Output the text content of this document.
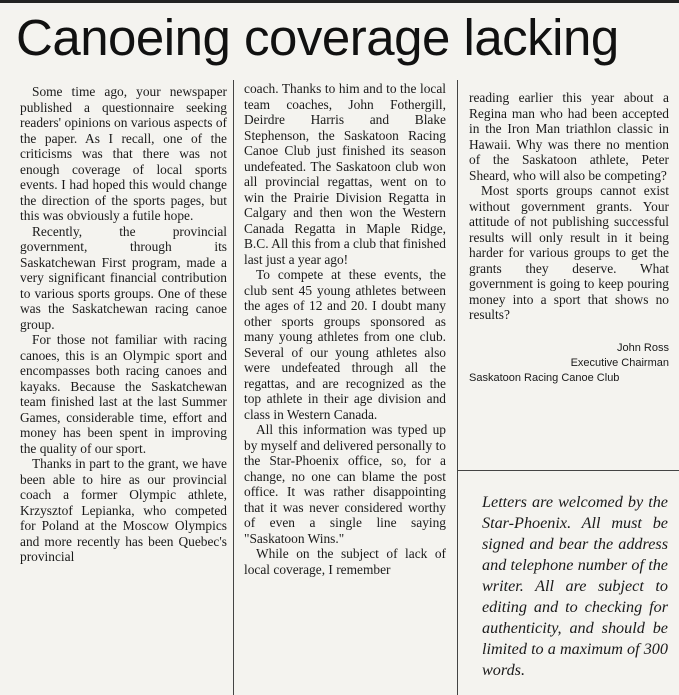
Canoeing coverage lacking

Some time ago, your newspaper published a questionnaire seeking readers' opinions on various aspects of the paper. As I recall, one of the criticisms was that there was not enough coverage of local sports events. I had hoped this would change the direction of the sports pages, but this was obviously a futile hope.

Recently, the provincial government, through its Saskatchewan First program, made a very significant financial contribution to various sports groups. One of these was the Saskatchewan racing canoe group.

For those not familiar with racing canoes, this is an Olympic sport and encompasses both racing canoes and kayaks. Because the Saskatchewan team finished last at the last Summer Games, considerable time, effort and money has been spent in improving the quality of our sport.

Thanks in part to the grant, we have been able to hire as our provincial coach a former Olympic athlete, Krzysztof Lepianka, who competed for Poland at the Moscow Olympics and more recently has been Quebec's provincial

coach. Thanks to him and to the local team coaches, John Fothergill, Deirdre Harris and Blake Stephenson, the Saskatoon Racing Canoe Club just finished its season undefeated. The Saskatoon club won all provincial regattas, went on to win the Prairie Division Regatta in Calgary and then won the Western Canada Regatta in Maple Ridge, B.C. All this from a club that finished last just a year ago!

To compete at these events, the club sent 45 young athletes between the ages of 12 and 20. I doubt many other sports groups sponsored as many young athletes from one club. Several of our young athletes also were undefeated through all the regattas, and are recognized as the top athlete in their age division and class in Western Canada.

All this information was typed up by myself and delivered personally to the Star-Phoenix office, so, for a change, no one can blame the post office. It was rather disappointing that it was never considered worthy of even a single line saying "Saskatoon Wins."

While on the subject of lack of local coverage, I remember

reading earlier this year about a Regina man who had been accepted in the Iron Man triathlon classic in Hawaii. Why was there no mention of the Saskatoon athlete, Peter Sheard, who will also be competing?

Most sports groups cannot exist without government grants. Your attitude of not publishing successful results will only result in it being harder for various groups to get the grants they deserve. What government is going to keep pouring money into a sport that shows no results?

John Ross
Executive Chairman
Saskatoon Racing Canoe Club
Letters are welcomed by the Star-Phoenix. All must be signed and bear the address and telephone number of the writer. All are subject to editing and to checking for authenticity, and should be limited to a maximum of 300 words.
